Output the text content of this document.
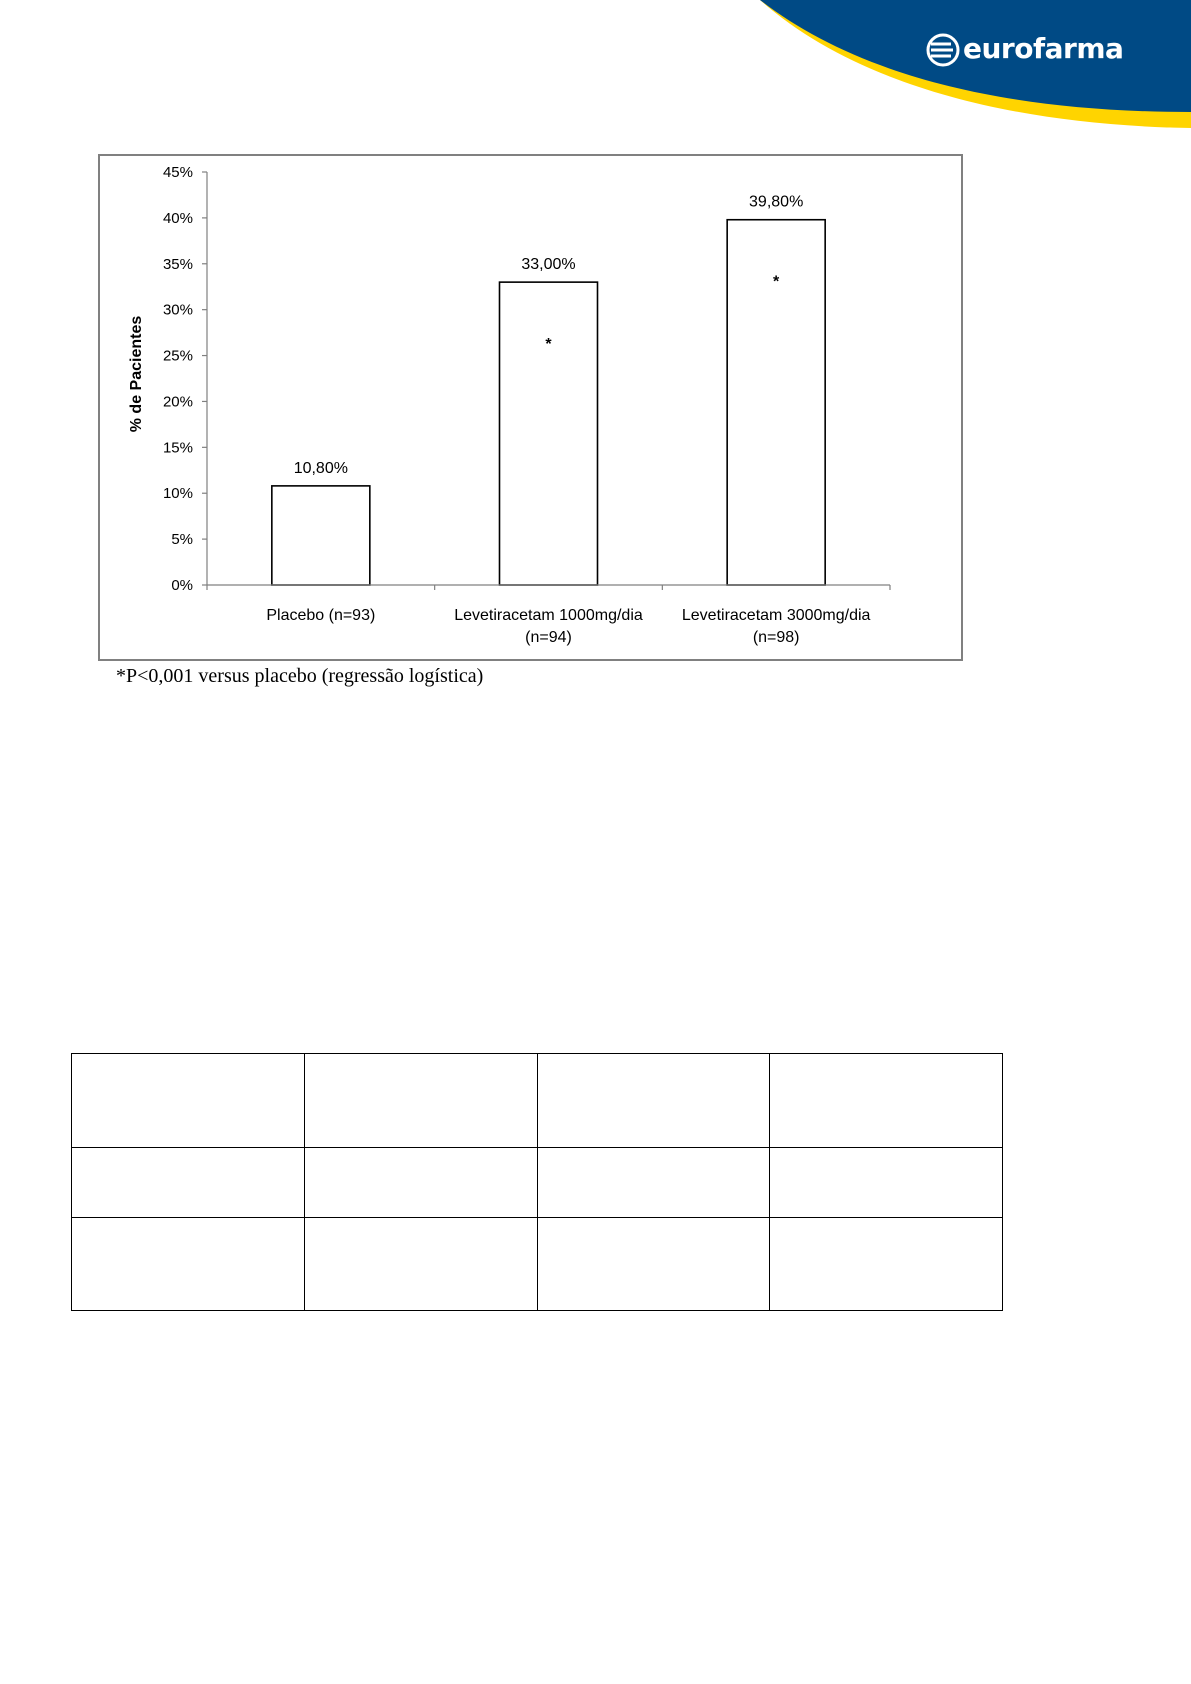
eurofarma
0%
5%
10%
15%
20%
25%
30%
35%
40%
45%
10,80%
33,00%
*
39,80%
*
Placebo (n=93)	Levetiracetam 1000mg/dia
(n=94)
Levetiracetam 3000mg/dia
(n=98)
% de Pacientes
*P<0,001 versus placebo (regressão logística)
